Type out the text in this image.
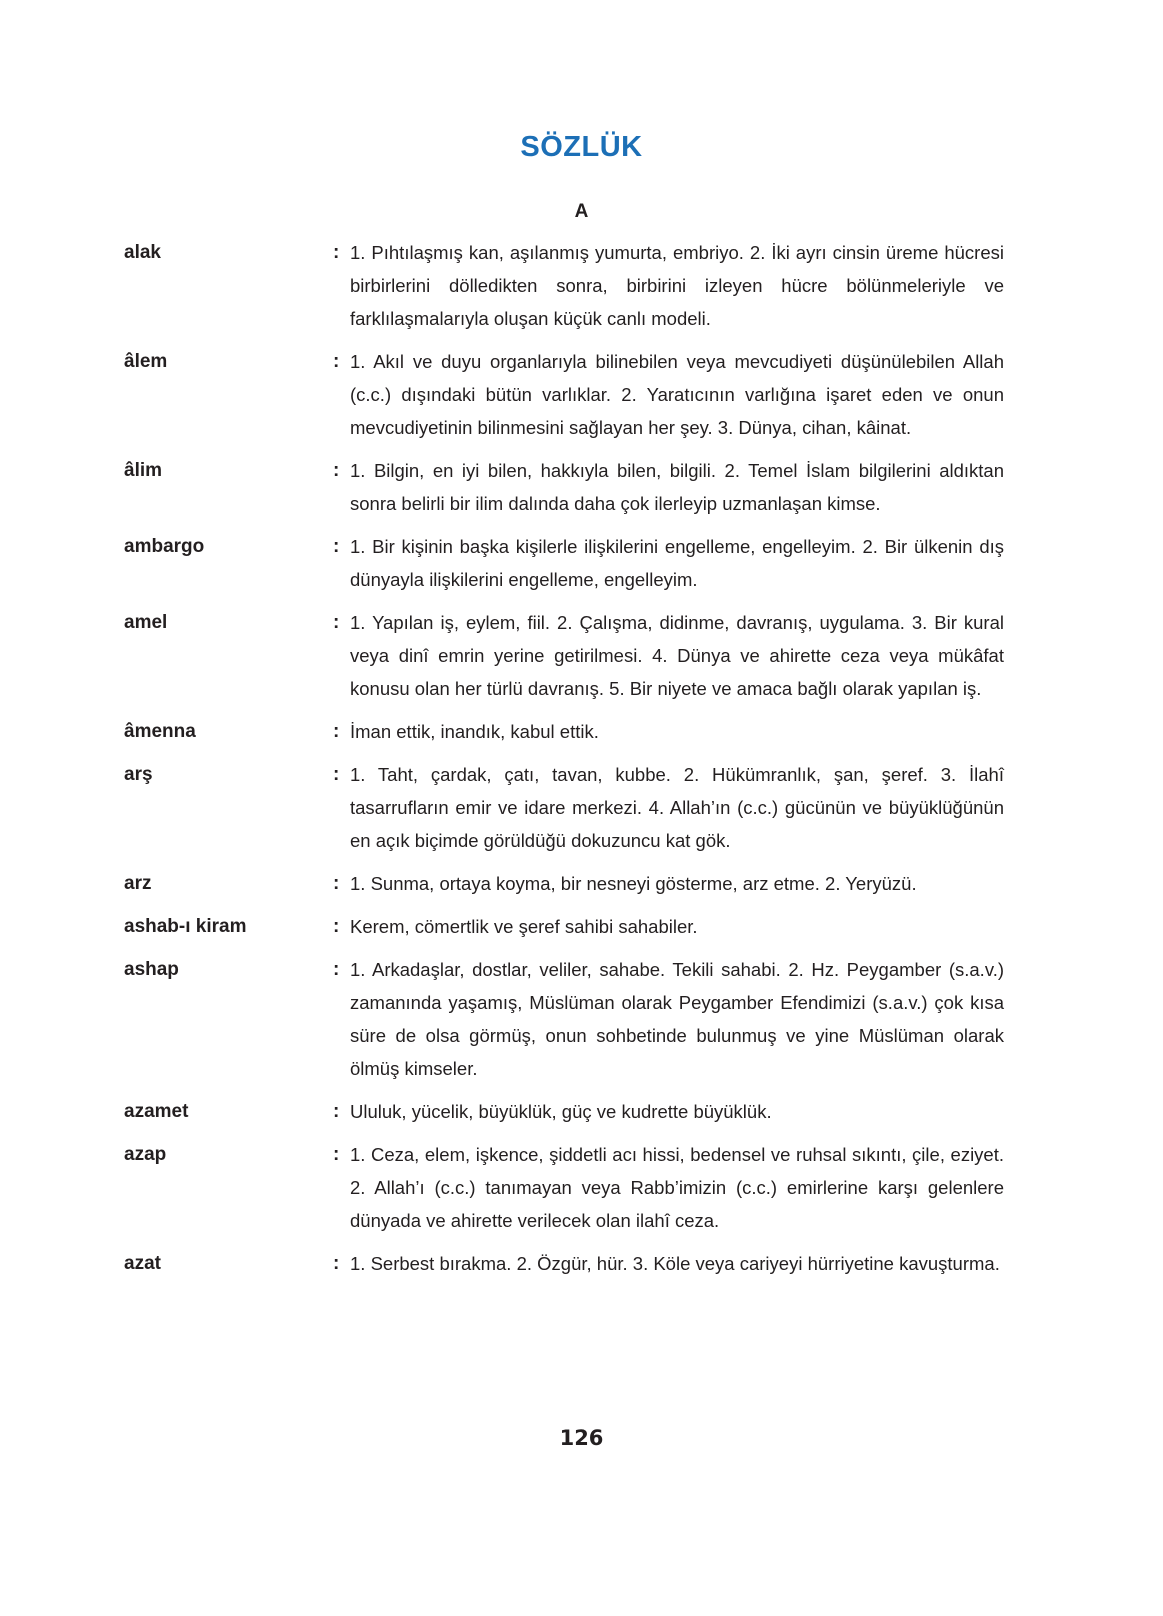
SÖZLÜK
A
alak	: 1. Pıhtılaşmış kan, aşılanmış yumurta, embriyo. 2. İki ayrı cinsin üreme hücresi birbirlerini dölledikten sonra, birbirini izleyen hücre bölünmeleriyle ve farklılaşmalarıyla oluşan küçük canlı modeli.
âlem	: 1. Akıl ve duyu organlarıyla bilinebilen veya mevcudiyeti düşünülebilen Allah (c.c.) dışındaki bütün varlıklar. 2. Yaratıcının varlığına işaret eden ve onun mevcudiyetinin bilinmesini sağlayan her şey. 3. Dünya, cihan, kâinat.
âlim	: 1. Bilgin, en iyi bilen, hakkıyla bilen, bilgili. 2. Temel İslam bilgilerini aldıktan sonra belirli bir ilim dalında daha çok ilerleyip uzmanlaşan kimse.
ambargo	: 1. Bir kişinin başka kişilerle ilişkilerini engelleme, engelleyim. 2. Bir ülkenin dış dünyayla ilişkilerini engelleme, engelleyim.
amel	: 1. Yapılan iş, eylem, fiil. 2. Çalışma, didinme, davranış, uygulama. 3. Bir kural veya dinî emrin yerine getirilmesi. 4. Dünya ve ahirette ceza veya mükâfat konusu olan her türlü davranış. 5. Bir niyete ve amaca bağlı olarak yapılan iş.
âmenna	: İman ettik, inandık, kabul ettik.
arş	: 1. Taht, çardak, çatı, tavan, kubbe. 2. Hükümranlık, şan, şeref. 3. İlahî tasarrufların emir ve idare merkezi. 4. Allah’ın (c.c.) gücünün ve büyüklüğünün en açık biçimde görüldüğü dokuzuncu kat gök.
arz	: 1. Sunma, ortaya koyma, bir nesneyi gösterme, arz etme. 2. Yeryüzü.
ashab-ı kiram	: Kerem, cömertlik ve şeref sahibi sahabiler.
ashap	: 1. Arkadaşlar, dostlar, veliler, sahabe. Tekili sahabi. 2. Hz. Peygamber (s.a.v.) zamanında yaşamış, Müslüman olarak Peygamber Efendimizi (s.a.v.) çok kısa süre de olsa görmüş, onun sohbetinde bulunmuş ve yine Müslüman olarak ölmüş kimseler.
azamet	: Ululuk, yücelik, büyüklük, güç ve kudrette büyüklük.
azap	: 1. Ceza, elem, işkence, şiddetli acı hissi, bedensel ve ruhsal sıkıntı, çile, eziyet. 2. Allah’ı (c.c.) tanımayan veya Rabb’imizin (c.c.) emirlerine karşı gelenlere dünyada ve ahirette verilecek olan ilahî ceza.
azat	: 1. Serbest bırakma. 2. Özgür, hür. 3. Köle veya cariyeyi hürriyetine kavuşturma.
126
